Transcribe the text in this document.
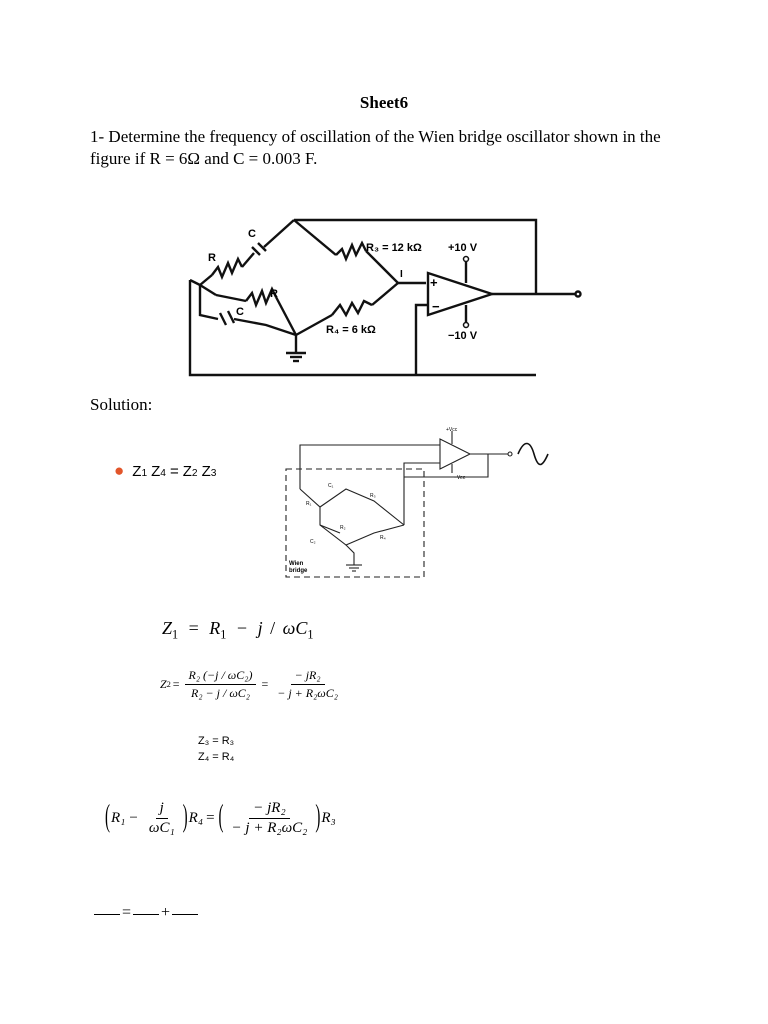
Sheet6
1- Determine the frequency of oscillation of the Wien bridge oscillator shown in the figure if R = 6Ω and C = 0.003 F.
C
R
R
C
R₃ = 12 kΩ
R₄ = 6 kΩ
+10 V
−10 V
I
+
−
Solution:
● Z 1 Z 4 = Z 2 Z 3
+Vcc
−Vee
C₁
R₁
R₃
R₂
C₂
R₄
Wien
bridge
$Z_1 = R_1 - j / \omega C_1$
Z $2 = \frac{\text{R₂ (−j / ωC₂)}}{\text{R₂ − j / ωC₂}} = \frac{\text{− jR₂}}{\text{− j + R₂ωC₂}}$
Z₃ = R₃
Z₄ = R₄
( $R_1 - \frac{j}{\text{ωC₁}}$ ) R₄ = ( $\frac{\text{− jR₂}}{\text{− j + R₂ωC₂}}$ ) R₃
= +
